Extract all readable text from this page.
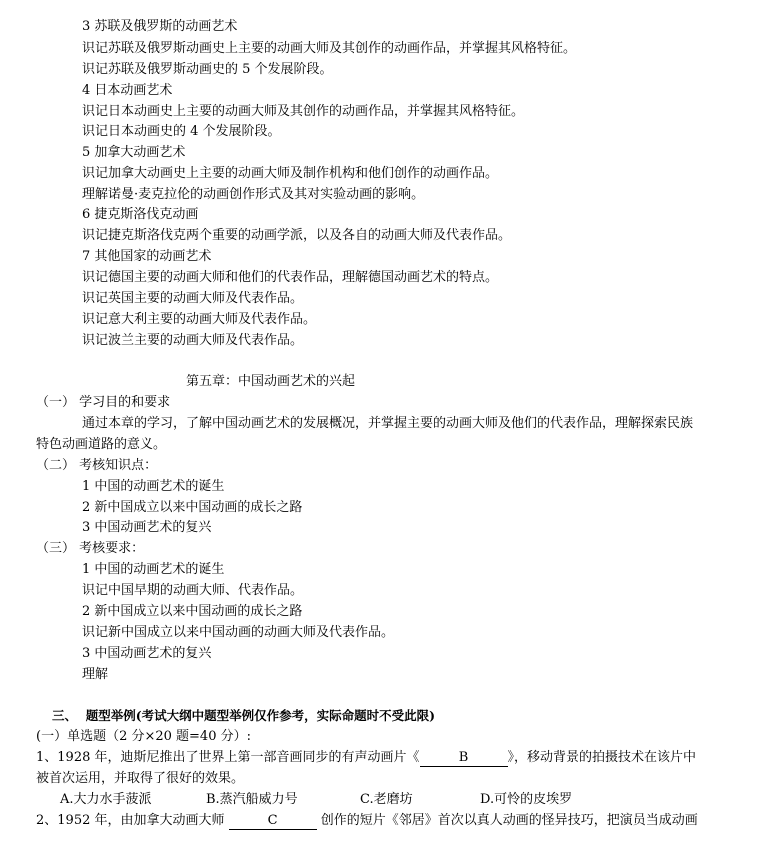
3 苏联及俄罗斯的动画艺术
识记苏联及俄罗斯动画史上主要的动画大师及其创作的动画作品，并掌握其风格特征。
识记苏联及俄罗斯动画史的 5 个发展阶段。
4 日本动画艺术
识记日本动画史上主要的动画大师及其创作的动画作品，并掌握其风格特征。
识记日本动画史的 4 个发展阶段。
5 加拿大动画艺术
识记加拿大动画史上主要的动画大师及制作机构和他们创作的动画作品。
理解诺曼·麦克拉伦的动画创作形式及其对实验动画的影响。
6 捷克斯洛伐克动画
识记捷克斯洛伐克两个重要的动画学派，以及各自的动画大师及代表作品。
7 其他国家的动画艺术
识记德国主要的动画大师和他们的代表作品，理解德国动画艺术的特点。
识记英国主要的动画大师及代表作品。
识记意大利主要的动画大师及代表作品。
识记波兰主要的动画大师及代表作品。
第五章：中国动画艺术的兴起
（一） 学习目的和要求
通过本章的学习，了解中国动画艺术的发展概况，并掌握主要的动画大师及他们的代表作品，理解探索民族
特色动画道路的意义。
（二） 考核知识点：
1 中国的动画艺术的诞生
2 新中国成立以来中国动画的成长之路
3 中国动画艺术的复兴
（三） 考核要求：
1 中国的动画艺术的诞生
识记中国早期的动画大师、代表作品。
2 新中国成立以来中国动画的成长之路
识记新中国成立以来中国动画的动画大师及代表作品。
3 中国动画艺术的复兴
理解
三、 题型举例(考试大纲中题型举例仅作参考，实际命题时不受此限)
(一）单选题（2 分×20 题=40 分）:
1、1928 年，迪斯尼推出了世界上第一部音画同步的有声动画片《	B	》，移动背景的拍摄技术在该片中
被首次运用，并取得了很好的效果。
A.大力水手菠派	B.蒸汽船威力号	C.老磨坊	D.可怜的皮埃罗
2、1952 年，由加拿大动画大师	C	创作的短片《邻居》首次以真人动画的怪异技巧，把演员当成动画
